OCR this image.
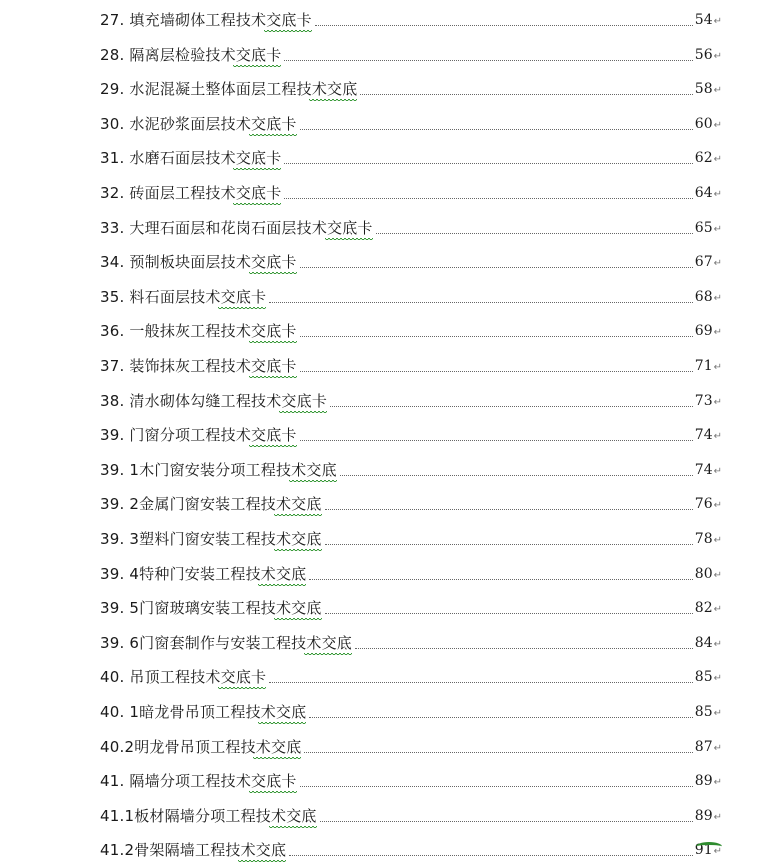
27. 填充墙砌体工程技术交底卡	54 ↵
28. 隔离层检验技术交底卡	56 ↵
29. 水泥混凝土整体面层工程技术交底	58 ↵
30. 水泥砂浆面层技术交底卡	60 ↵
31. 水磨石面层技术交底卡	62 ↵
32. 砖面层工程技术交底卡	64 ↵
33. 大理石面层和花岗石面层技术交底卡	65 ↵
34. 预制板块面层技术交底卡	67 ↵
35. 料石面层技术交底卡	68 ↵
36. 一般抹灰工程技术交底卡	69 ↵
37. 装饰抹灰工程技术交底卡	71 ↵
38. 清水砌体勾缝工程技术交底卡	73 ↵
39. 门窗分项工程技术交底卡	74 ↵
39. 1木门窗安装分项工程技术交底	74 ↵
39. 2金属门窗安装工程技术交底	76 ↵
39. 3塑料门窗安装工程技术交底	78 ↵
39. 4特种门安装工程技术交底	80 ↵
39. 5门窗玻璃安装工程技术交底	82 ↵
39. 6门窗套制作与安装工程技术交底	84 ↵
40. 吊顶工程技术交底卡	85 ↵
40. 1暗龙骨吊顶工程技术交底	85 ↵
40.2明龙骨吊顶工程技术交底	87 ↵
41. 隔墙分项工程技术交底卡	89 ↵
41.1板材隔墙分项工程技术交底	89 ↵
41.2骨架隔墙工程技术交底	91 ↵
